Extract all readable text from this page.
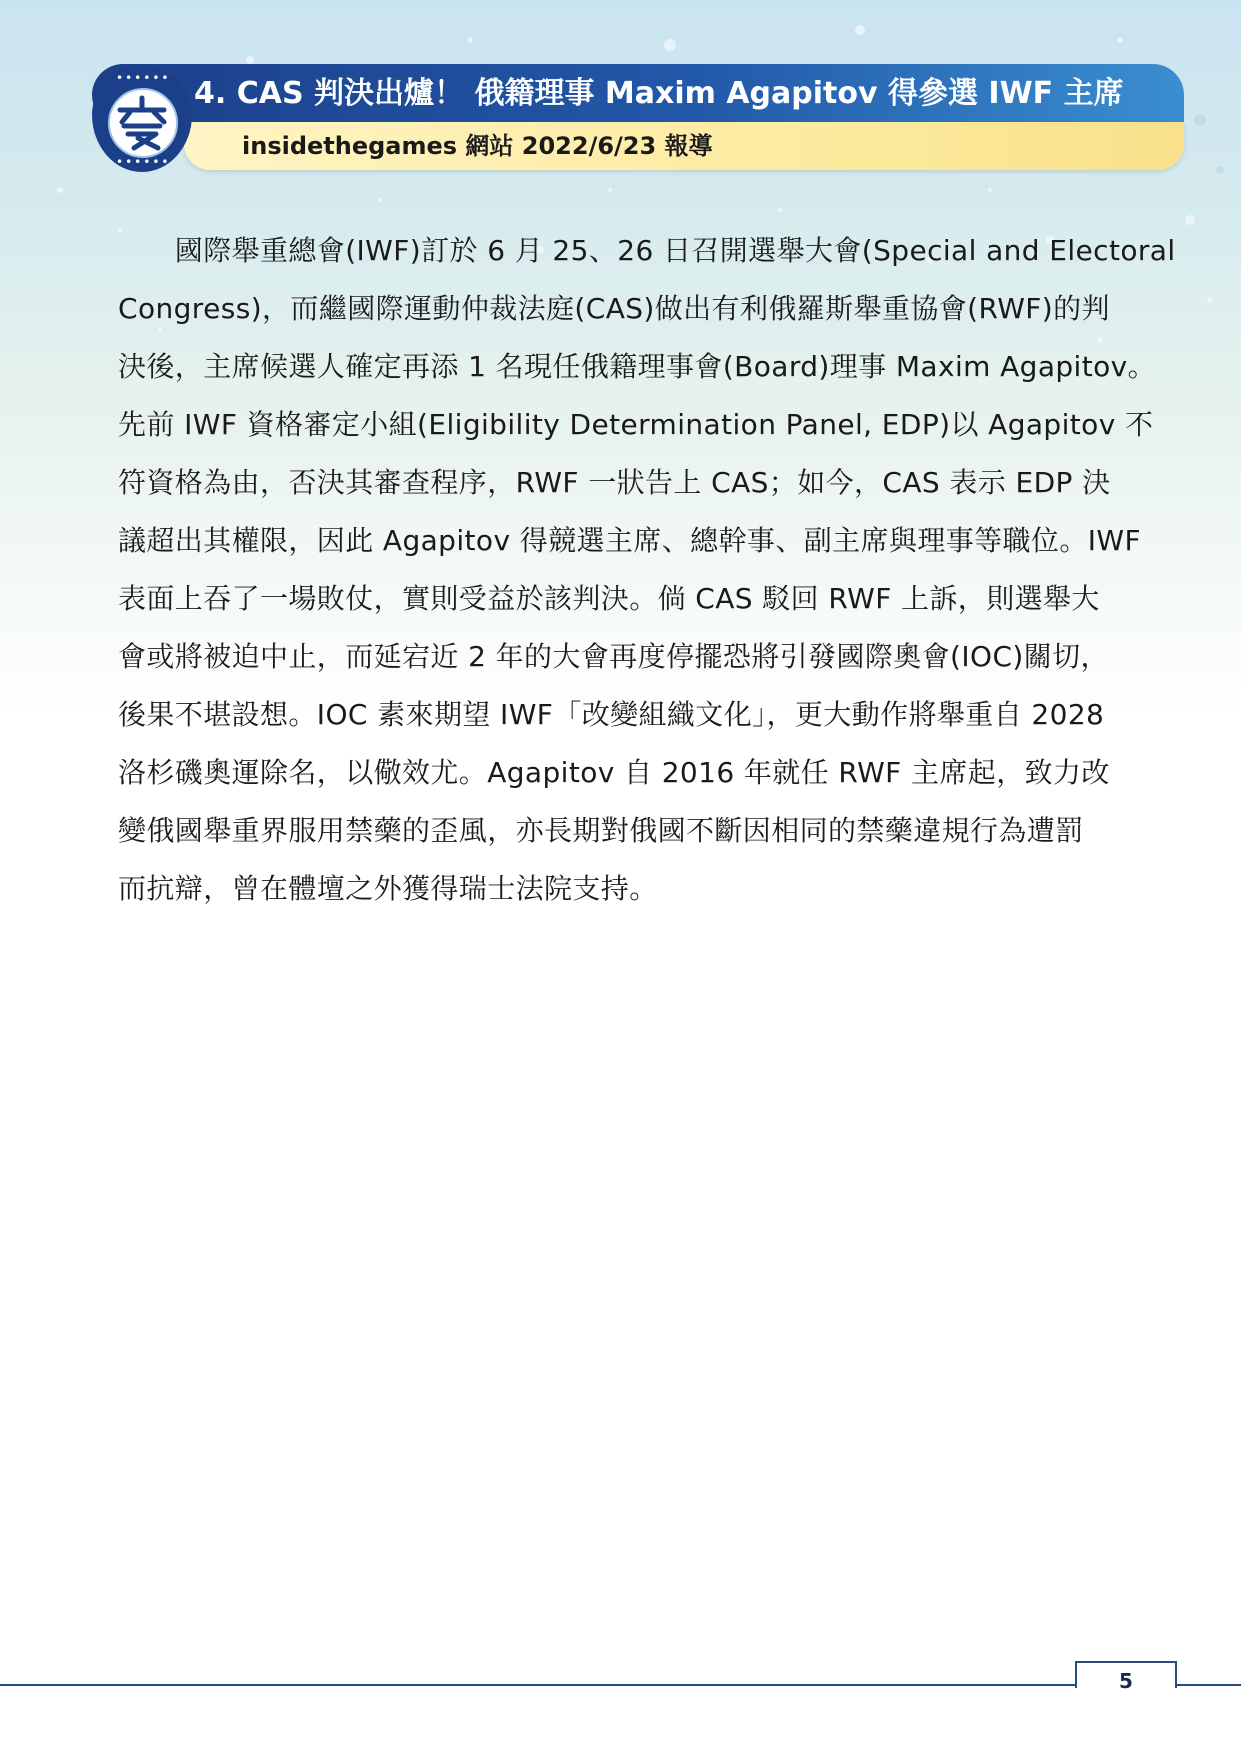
4. CAS 判決出爐！ 俄籍理事 Maxim Agapitov 得參選 IWF 主席
insidethegames 網站 2022/6/23 報導
••••••
••••••
　　國際舉重總會(IWF)訂於 6 月 25、26 日召開選舉大會(Special and Electoral
Congress)，而繼國際運動仲裁法庭(CAS)做出有利俄羅斯舉重協會(RWF)的判
決後，主席候選人確定再添 1 名現任俄籍理事會(Board)理事 Maxim Agapitov。
先前 IWF 資格審定小組(Eligibility Determination Panel, EDP)以 Agapitov 不
符資格為由，否決其審查程序，RWF 一狀告上 CAS；如今，CAS 表示 EDP 決
議超出其權限，因此 Agapitov 得競選主席、總幹事、副主席與理事等職位。IWF
表面上吞了一場敗仗，實則受益於該判決。倘 CAS 駁回 RWF 上訴，則選舉大
會或將被迫中止，而延宕近 2 年的大會再度停擺恐將引發國際奧會(IOC)關切，
後果不堪設想。IOC 素來期望 IWF「改變組織文化」，更大動作將舉重自 2028
洛杉磯奧運除名，以儆效尤。Agapitov 自 2016 年就任 RWF 主席起，致力改
變俄國舉重界服用禁藥的歪風，亦長期對俄國不斷因相同的禁藥違規行為遭罰
而抗辯，曾在體壇之外獲得瑞士法院支持。
5
